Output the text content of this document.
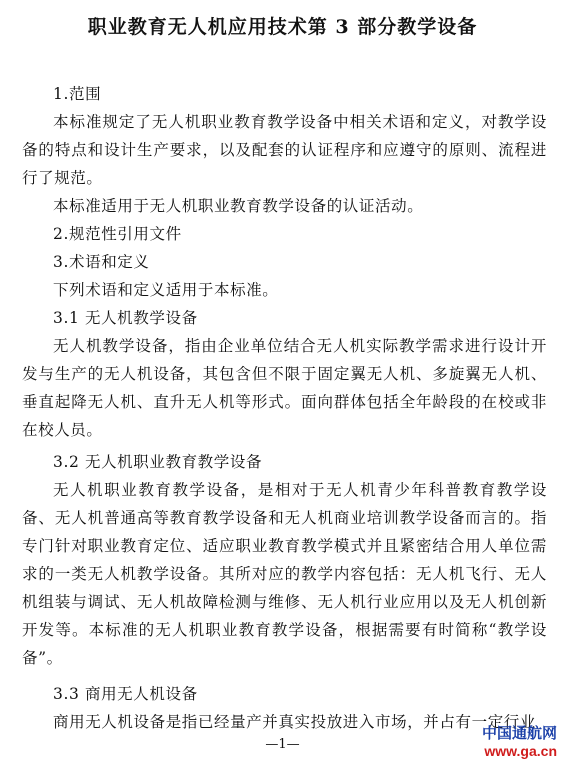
职业教育无人机应用技术第 3 部分教学设备
1.范围
本标准规定了无人机职业教育教学设备中相关术语和定义，对教学设备的特点和设计生产要求，以及配套的认证程序和应遵守的原则、流程进行了规范。
本标准适用于无人机职业教育教学设备的认证活动。
2.规范性引用文件
3.术语和定义
下列术语和定义适用于本标准。
3.1 无人机教学设备
无人机教学设备，指由企业单位结合无人机实际教学需求进行设计开发与生产的无人机设备，其包含但不限于固定翼无人机、多旋翼无人机、垂直起降无人机、直升无人机等形式。面向群体包括全年龄段的在校或非在校人员。
3.2 无人机职业教育教学设备
无人机职业教育教学设备，是相对于无人机青少年科普教育教学设备、无人机普通高等教育教学设备和无人机商业培训教学设备而言的。指专门针对职业教育定位、适应职业教育教学模式并且紧密结合用人单位需求的一类无人机教学设备。其所对应的教学内容包括：无人机飞行、无人机组装与调试、无人机故障检测与维修、无人机行业应用以及无人机创新开发等。本标准的无人机职业教育教学设备，根据需要有时简称“教学设备”。
3.3 商用无人机设备
商用无人机设备是指已经量产并真实投放进入市场，并占有一定行业
—1—
中国通航网
www.ga.cn
